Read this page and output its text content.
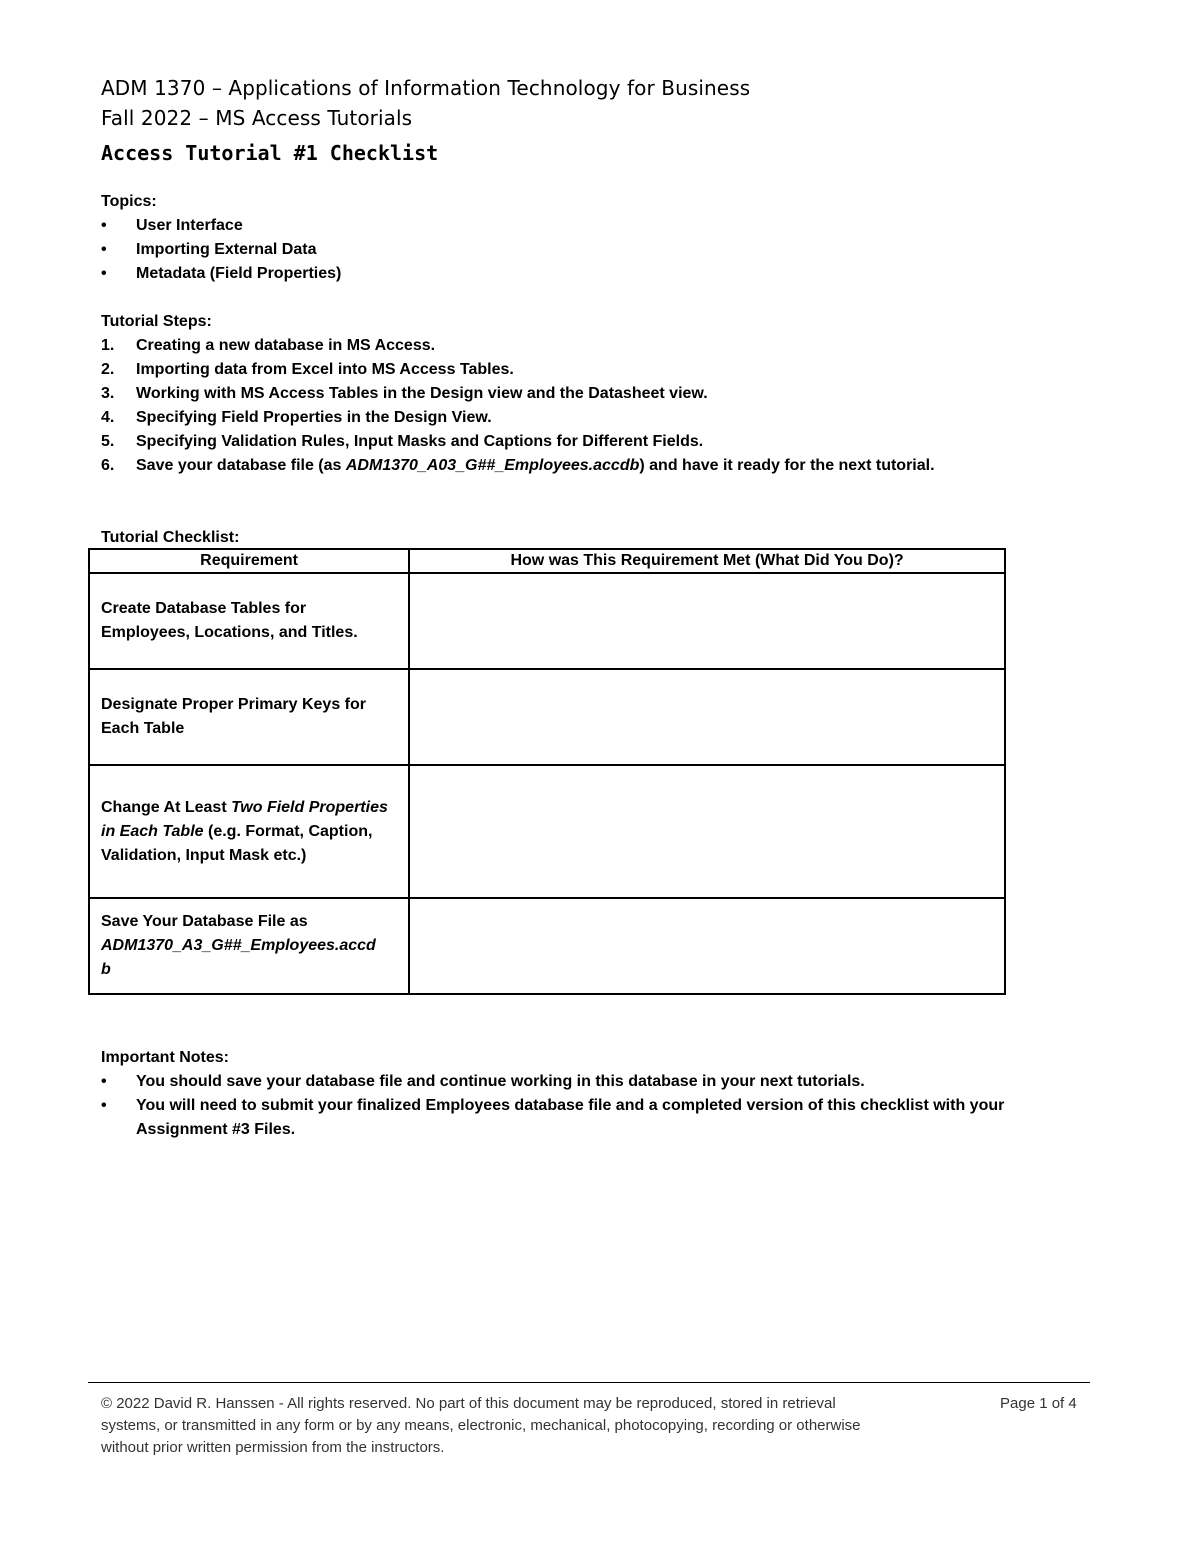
ADM 1370 – Applications of Information Technology for Business
Fall 2022 – MS Access Tutorials
Access Tutorial #1 Checklist
Topics:
•	User Interface
•	Importing External Data
•	Metadata (Field Properties)
Tutorial Steps:
1. Creating a new database in MS Access.
2. Importing data from Excel into MS Access Tables.
3. Working with MS Access Tables in the Design view and the Datasheet view.
4. Specifying Field Properties in the Design View.
5. Specifying Validation Rules, Input Masks and Captions for Different Fields.
6. Save your database file (as ADM1370_A03_G##_Employees.accdb) and have it ready for the next tutorial.
Tutorial Checklist:
Requirement	How was This Requirement Met (What Did You Do)?

Create Database Tables for
Employees, Locations, and Titles.	

Designate Proper Primary Keys for
Each Table	

Change At Least Two Field Properties
in Each Table (e.g. Format, Caption,
Validation, Input Mask etc.)	

Save Your Database File as
ADM1370_A3_G##_Employees.accd
b	

Important Notes:
•	You should save your database file and continue working in this database in your next tutorials.
•	You will need to submit your finalized Employees database file and a completed version of this checklist with your
Assignment #3 Files.
© 2022 David R. Hanssen - All rights reserved. No part of this document may be reproduced, stored in retrieval
systems, or transmitted in any form or by any means, electronic, mechanical, photocopying, recording or otherwise
without prior written permission from the instructors.
Page 1 of 4
